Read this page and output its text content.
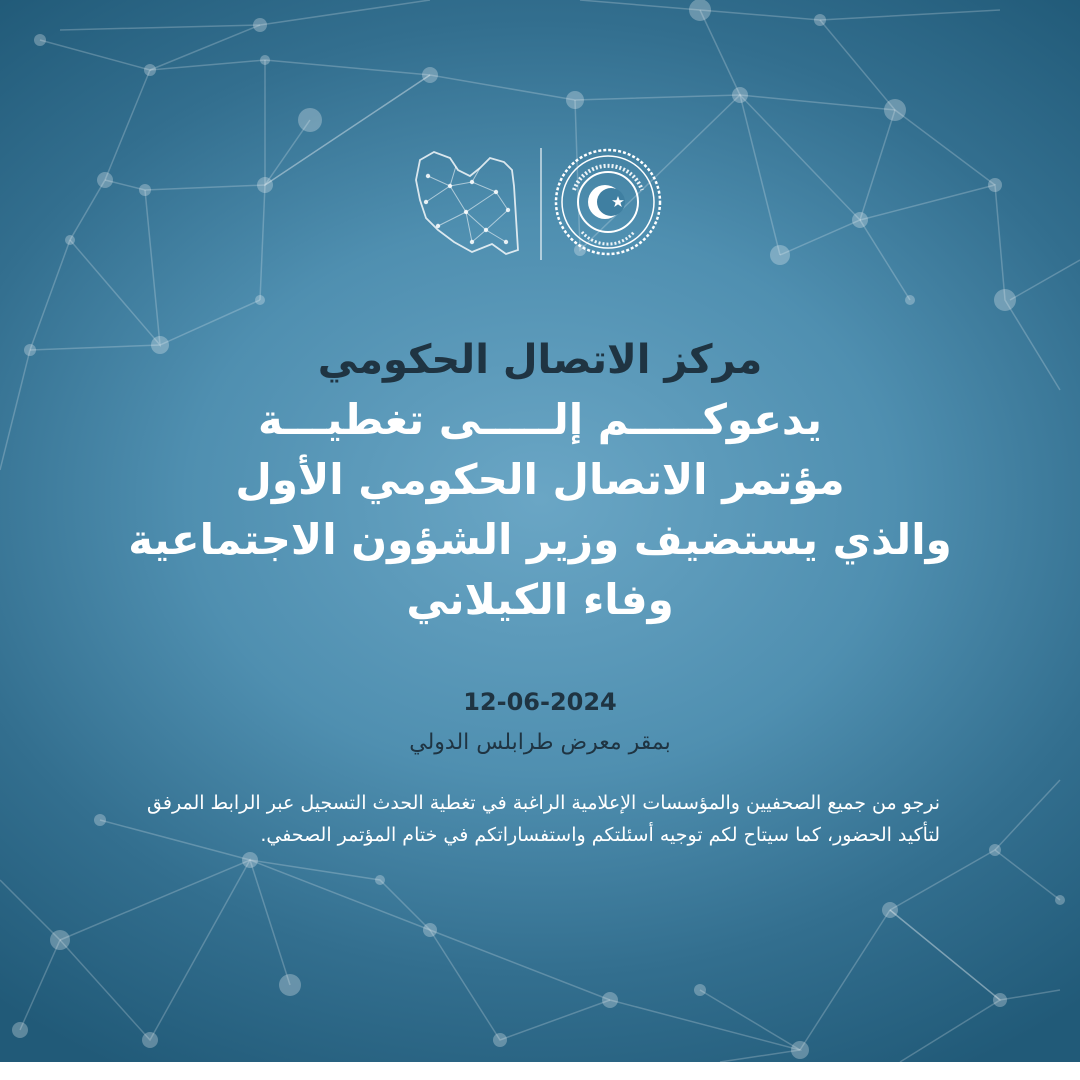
مركز الاتصال الحكومي
يدعوكـــــم إلـــــى تغطيـــة
مؤتمر الاتصال الحكومي الأول
والذي يستضيف وزير الشؤون الاجتماعية
وفاء الكيلاني
12-06-2024
بمقر معرض طرابلس الدولي
نرجو من جميع الصحفيين والمؤسسات الإعلامية الراغبة في تغطية الحدث التسجيل عبر الرابط المرفق لتأكيد الحضور، كما سيتاح لكم توجيه أسئلتكم واستفساراتكم في ختام المؤتمر الصحفي.
